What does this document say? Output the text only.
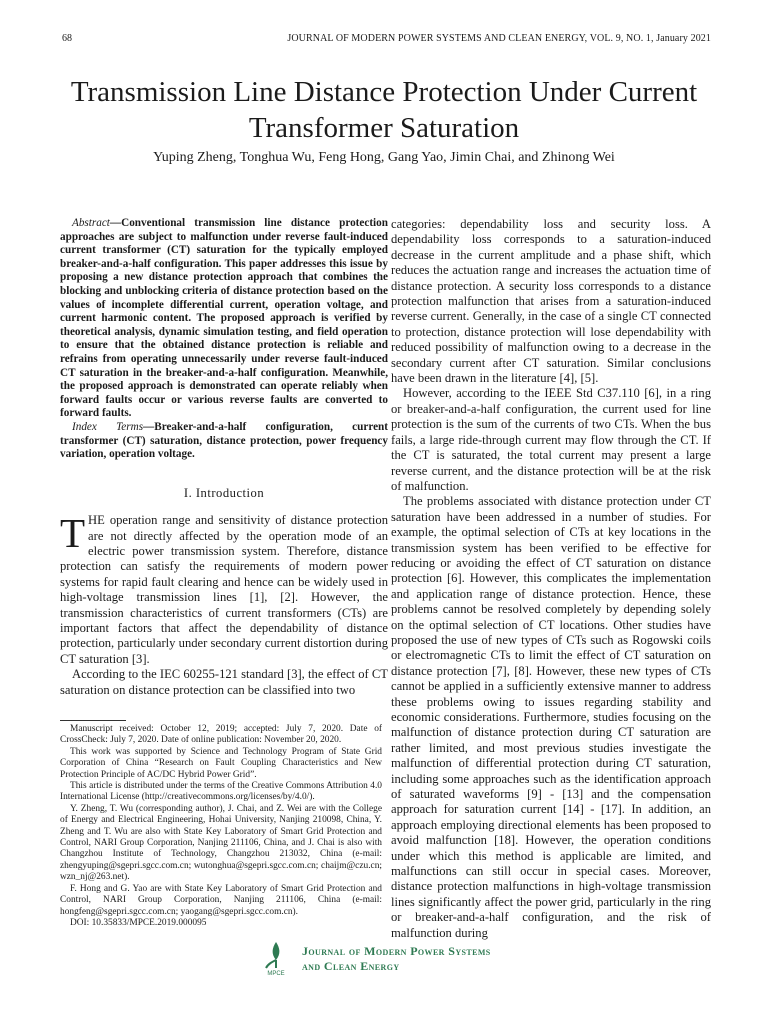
68	JOURNAL OF MODERN POWER SYSTEMS AND CLEAN ENERGY, VOL. 9, NO. 1, January 2021
Transmission Line Distance Protection Under Current Transformer Saturation
Yuping Zheng, Tonghua Wu, Feng Hong, Gang Yao, Jimin Chai, and Zhinong Wei

Abstract—Conventional transmission line distance protection approaches are subject to malfunction under reverse fault-induced current transformer (CT) saturation for the typically employed breaker-and-a-half configuration. This paper addresses this issue by proposing a new distance protection approach that combines the blocking and unblocking criteria of distance protection based on the values of incomplete differential current, operation voltage, and current harmonic content. The proposed approach is verified by theoretical analysis, dynamic simulation testing, and field operation to ensure that the obtained distance protection is reliable and refrains from operating unnecessarily under reverse fault-induced CT saturation in the breaker-and-a-half configuration. Meanwhile, the proposed approach is demonstrated can operate reliably when forward faults occur or various reverse faults are converted to forward faults.

Index Terms—Breaker-and-a-half configuration, current transformer (CT) saturation, distance protection, power frequency variation, operation voltage.

I. Introduction

THE operation range and sensitivity of distance protection are not directly affected by the operation mode of an electric power transmission system. Therefore, distance protection can satisfy the requirements of modern power systems for rapid fault clearing and hence can be widely used in high-voltage transmission lines [1], [2]. However, the transmission characteristics of current transformers (CTs) are important factors that affect the dependability of distance protection, particularly under secondary current distortion during CT saturation [3].

According to the IEC 60255-121 standard [3], the effect of CT saturation on distance protection can be classified into two

Manuscript received: October 12, 2019; accepted: July 7, 2020. Date of CrossCheck: July 7, 2020. Date of online publication: November 20, 2020.

This work was supported by Science and Technology Program of State Grid Corporation of China “Research on Fault Coupling Characteristics and New Protection Principle of AC/DC Hybrid Power Grid”.

This article is distributed under the terms of the Creative Commons Attribution 4.0 International License (http://creativecommons.org/licenses/by/4.0/).

Y. Zheng, T. Wu (corresponding author), J. Chai, and Z. Wei are with the College of Energy and Electrical Engineering, Hohai University, Nanjing 210098, China, Y. Zheng and T. Wu are also with State Key Laboratory of Smart Grid Protection and Control, NARI Group Corporation, Nanjing 211106, China, and J. Chai is also with Changzhou Institute of Technology, Changzhou 213032, China (e-mail: zhengyuping@sgepri.sgcc.com.cn; wutonghua@sgepri.sgcc.com.cn; chaijm@czu.cn; wzn_nj@263.net).

F. Hong and G. Yao are with State Key Laboratory of Smart Grid Protection and Control, NARI Group Corporation, Nanjing 211106, China (e-mail: hongfeng@sgepri.sgcc.com.cn; yaogang@sgepri.sgcc.com.cn).

DOI: 10.35833/MPCE.2019.000095

categories: dependability loss and security loss. A dependability loss corresponds to a saturation-induced decrease in the current amplitude and a phase shift, which reduces the actuation range and increases the actuation time of distance protection. A security loss corresponds to a distance protection malfunction that arises from a saturation-induced reverse current. Generally, in the case of a single CT connected to protection, distance protection will lose dependability with reduced possibility of malfunction owing to a decrease in the secondary current after CT saturation. Similar conclusions have been drawn in the literature [4], [5].

However, according to the IEEE Std C37.110 [6], in a ring or breaker-and-a-half configuration, the current used for line protection is the sum of the currents of two CTs. When the bus fails, a large ride-through current may flow through the CT. If the CT is saturated, the total current may present a large reverse current, and the distance protection will be at the risk of malfunction.

The problems associated with distance protection under CT saturation have been addressed in a number of studies. For example, the optimal selection of CTs at key locations in the transmission system has been verified to be effective for reducing or avoiding the effect of CT saturation on distance protection [6]. However, this complicates the implementation and application range of distance protection. Hence, these problems cannot be resolved completely by depending solely on the optimal selection of CT locations. Other studies have proposed the use of new types of CTs such as Rogowski coils or electromagnetic CTs to limit the effect of CT saturation on distance protection [7], [8]. However, these new types of CTs cannot be applied in a sufficiently extensive manner to address these problems owing to issues regarding stability and economic considerations. Furthermore, studies focusing on the malfunction of distance protection during CT saturation are rather limited, and most previous studies investigate the malfunction of differential protection during CT saturation, including some approaches such as the identification approach of saturated waveforms [9] - [13] and the compensation approach for saturation current [14] - [17]. In addition, an approach employing directional elements has been proposed to avoid malfunction [18]. However, the operation conditions under which this method is applicable are limited, and malfunctions can still occur in special cases. Moreover, distance protection malfunctions in high-voltage transmission lines significantly affect the power grid, particularly in the ring or breaker-and-a-half configuration, and the risk of malfunction during

MPCE
Journal of Modern Power Systems
and Clean Energy
